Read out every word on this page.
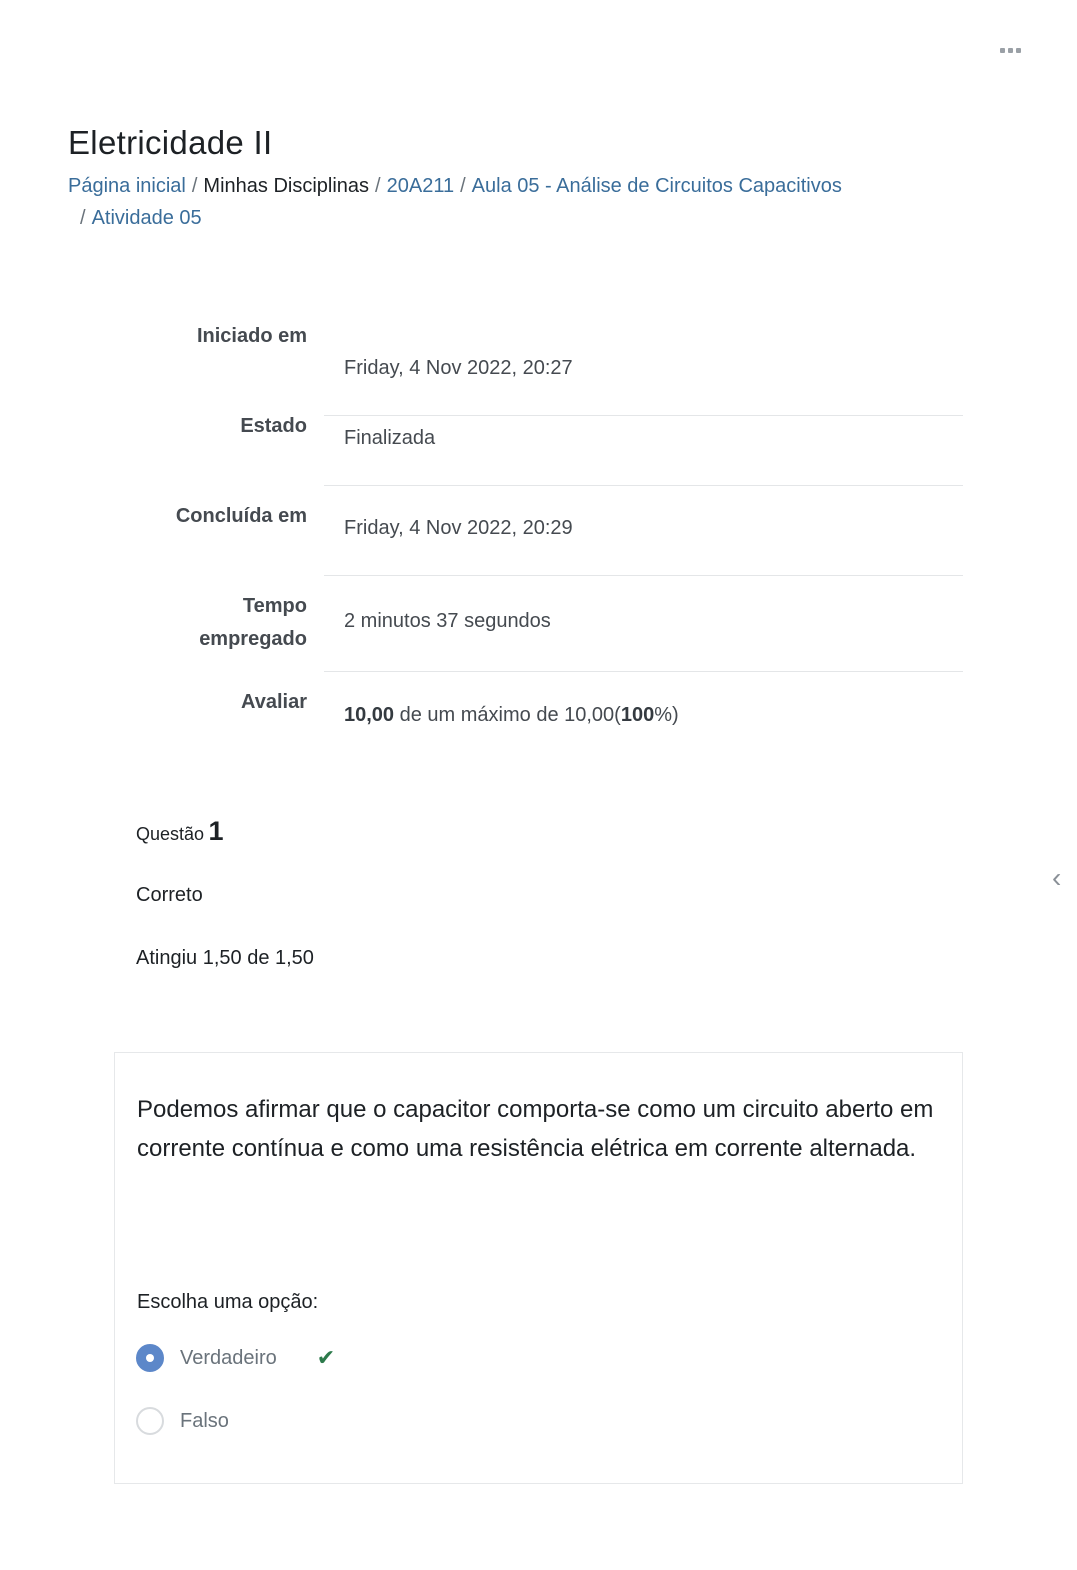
Eletricidade II
Página inicial / Minhas Disciplinas / 20A211 / Aula 05 - Análise de Circuitos Capacitivos
/ Atividade 05
Iniciado em
Friday, 4 Nov 2022, 20:27
Estado
Finalizada
Concluída em
Friday, 4 Nov 2022, 20:29
Tempo
empregado
2 minutos 37 segundos
Avaliar
10,00 de um máximo de 10,00(100%)
Questão 1
Correto
Atingiu 1,50 de 1,50
‹
Podemos afirmar que o capacitor comporta-se como um circuito aberto em corrente contínua e como uma resistência elétrica em corrente alternada.
Escolha uma opção:
Verdadeiro ✔
Falso
